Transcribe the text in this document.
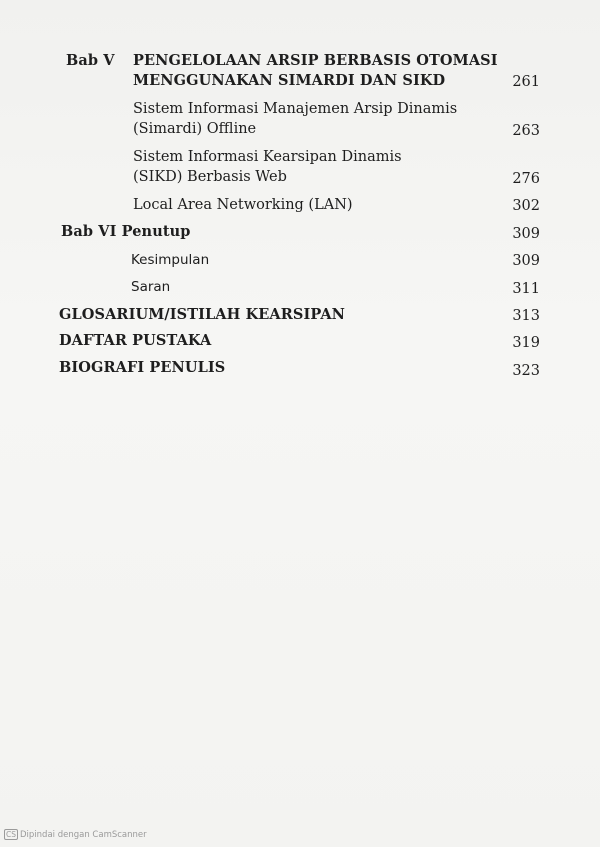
Bab V PENGELOLAAN ARSIP BERBASIS OTOMASI
MENGGUNAKAN SIMARDI DAN SIKD	261
Sistem Informasi Manajemen Arsip Dinamis
(Simardi) Offline	263
Sistem Informasi Kearsipan Dinamis
(SIKD) Berbasis Web	276
Local Area Networking (LAN)	302
Bab VI Penutup	309
Kesimpulan	309
Saran	311
GLOSARIUM/ISTILAH KEARSIPAN	313
DAFTAR PUSTAKA	319
BIOGRAFI PENULIS	323
CS Dipindai dengan CamScanner
